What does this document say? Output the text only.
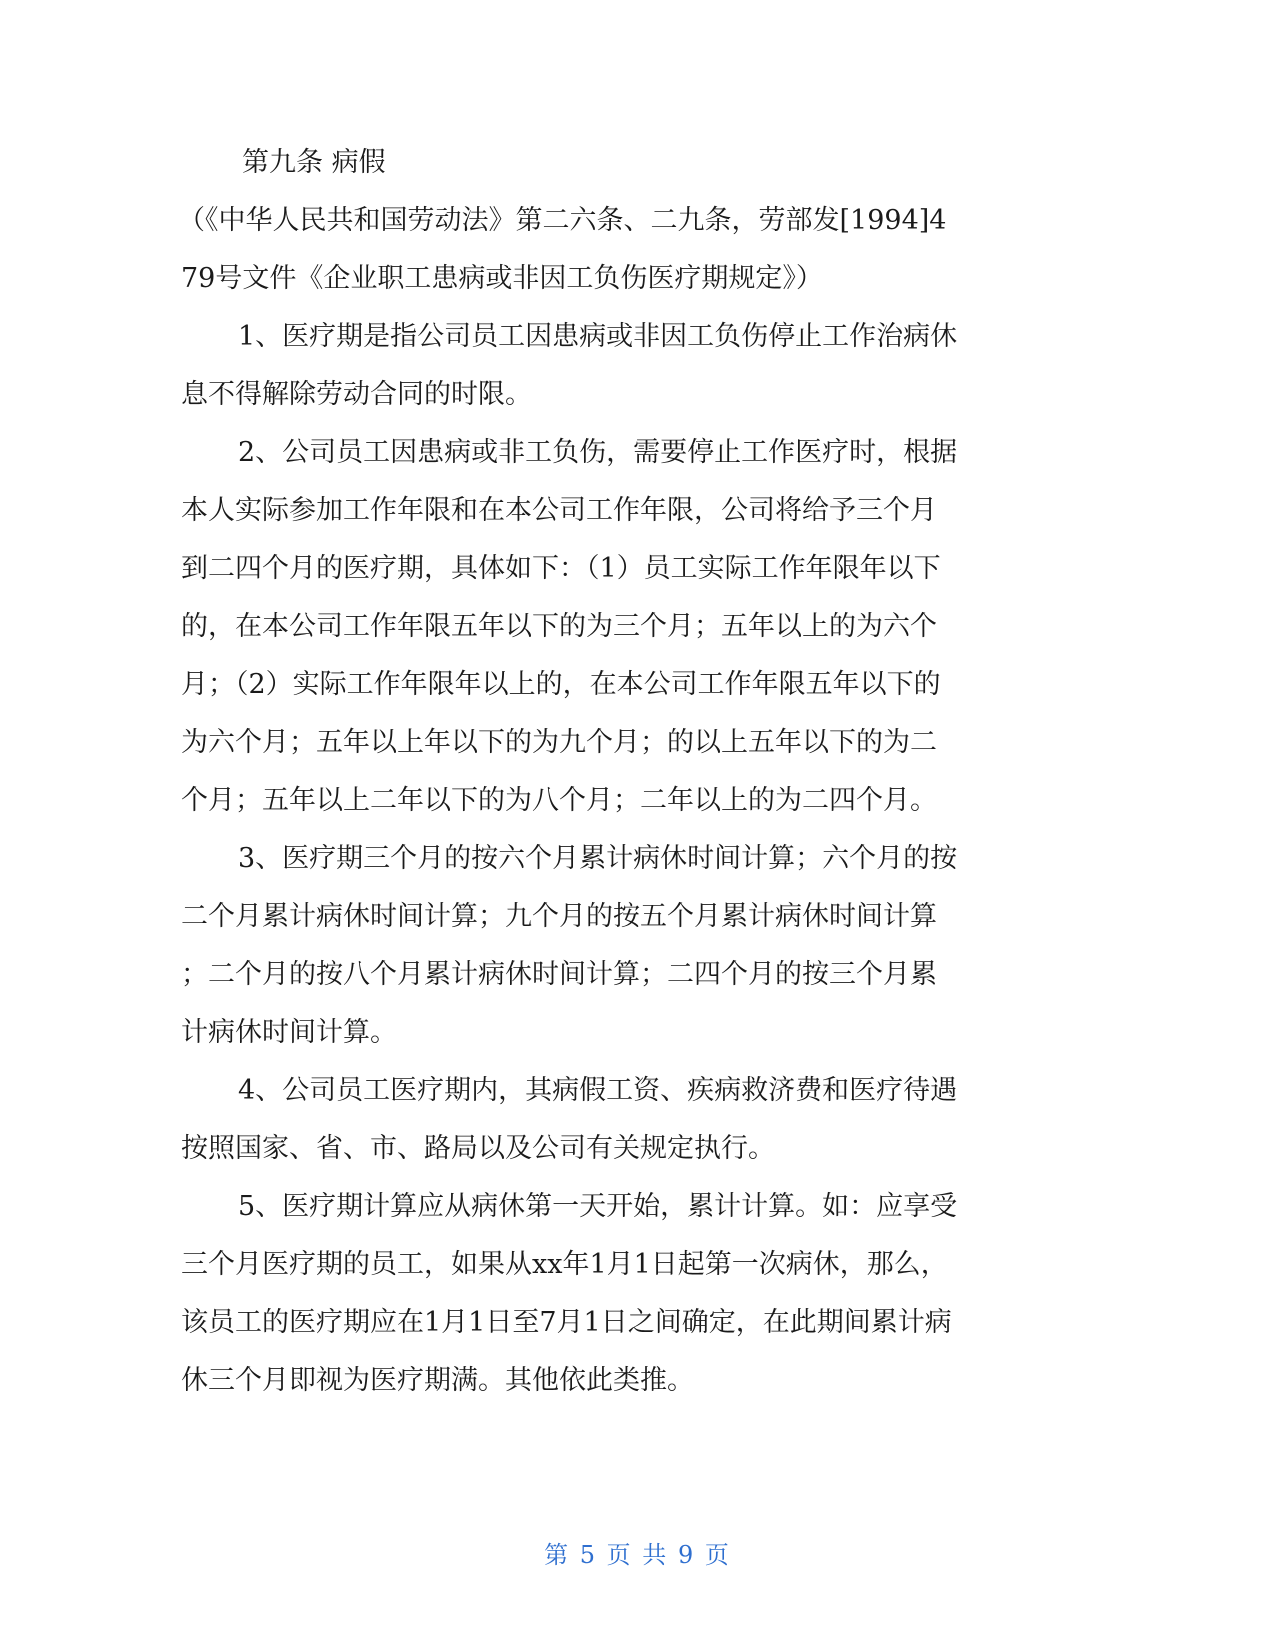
第九条 病假

（《中华人民共和国劳动法》第二六条、二九条，劳部发[1994]4

79号文件《企业职工患病或非因工负伤医疗期规定》）

1、医疗期是指公司员工因患病或非因工负伤停止工作治病休

息不得解除劳动合同的时限。

2、公司员工因患病或非工负伤，需要停止工作医疗时，根据

本人实际参加工作年限和在本公司工作年限，公司将给予三个月

到二四个月的医疗期，具体如下：（1）员工实际工作年限年以下

的，在本公司工作年限五年以下的为三个月；五年以上的为六个

月；（2）实际工作年限年以上的，在本公司工作年限五年以下的

为六个月；五年以上年以下的为九个月；的以上五年以下的为二

个月；五年以上二年以下的为八个月；二年以上的为二四个月。

3、医疗期三个月的按六个月累计病休时间计算；六个月的按

二个月累计病休时间计算；九个月的按五个月累计病休时间计算

；二个月的按八个月累计病休时间计算；二四个月的按三个月累

计病休时间计算。

4、公司员工医疗期内，其病假工资、疾病救济费和医疗待遇

按照国家、省、市、路局以及公司有关规定执行。

5、医疗期计算应从病休第一天开始，累计计算。如：应享受

三个月医疗期的员工，如果从xx年1月1日起第一次病休，那么，

该员工的医疗期应在1月1日至7月1日之间确定，在此期间累计病

休三个月即视为医疗期满。其他依此类推。

第 5 页 共 9 页
